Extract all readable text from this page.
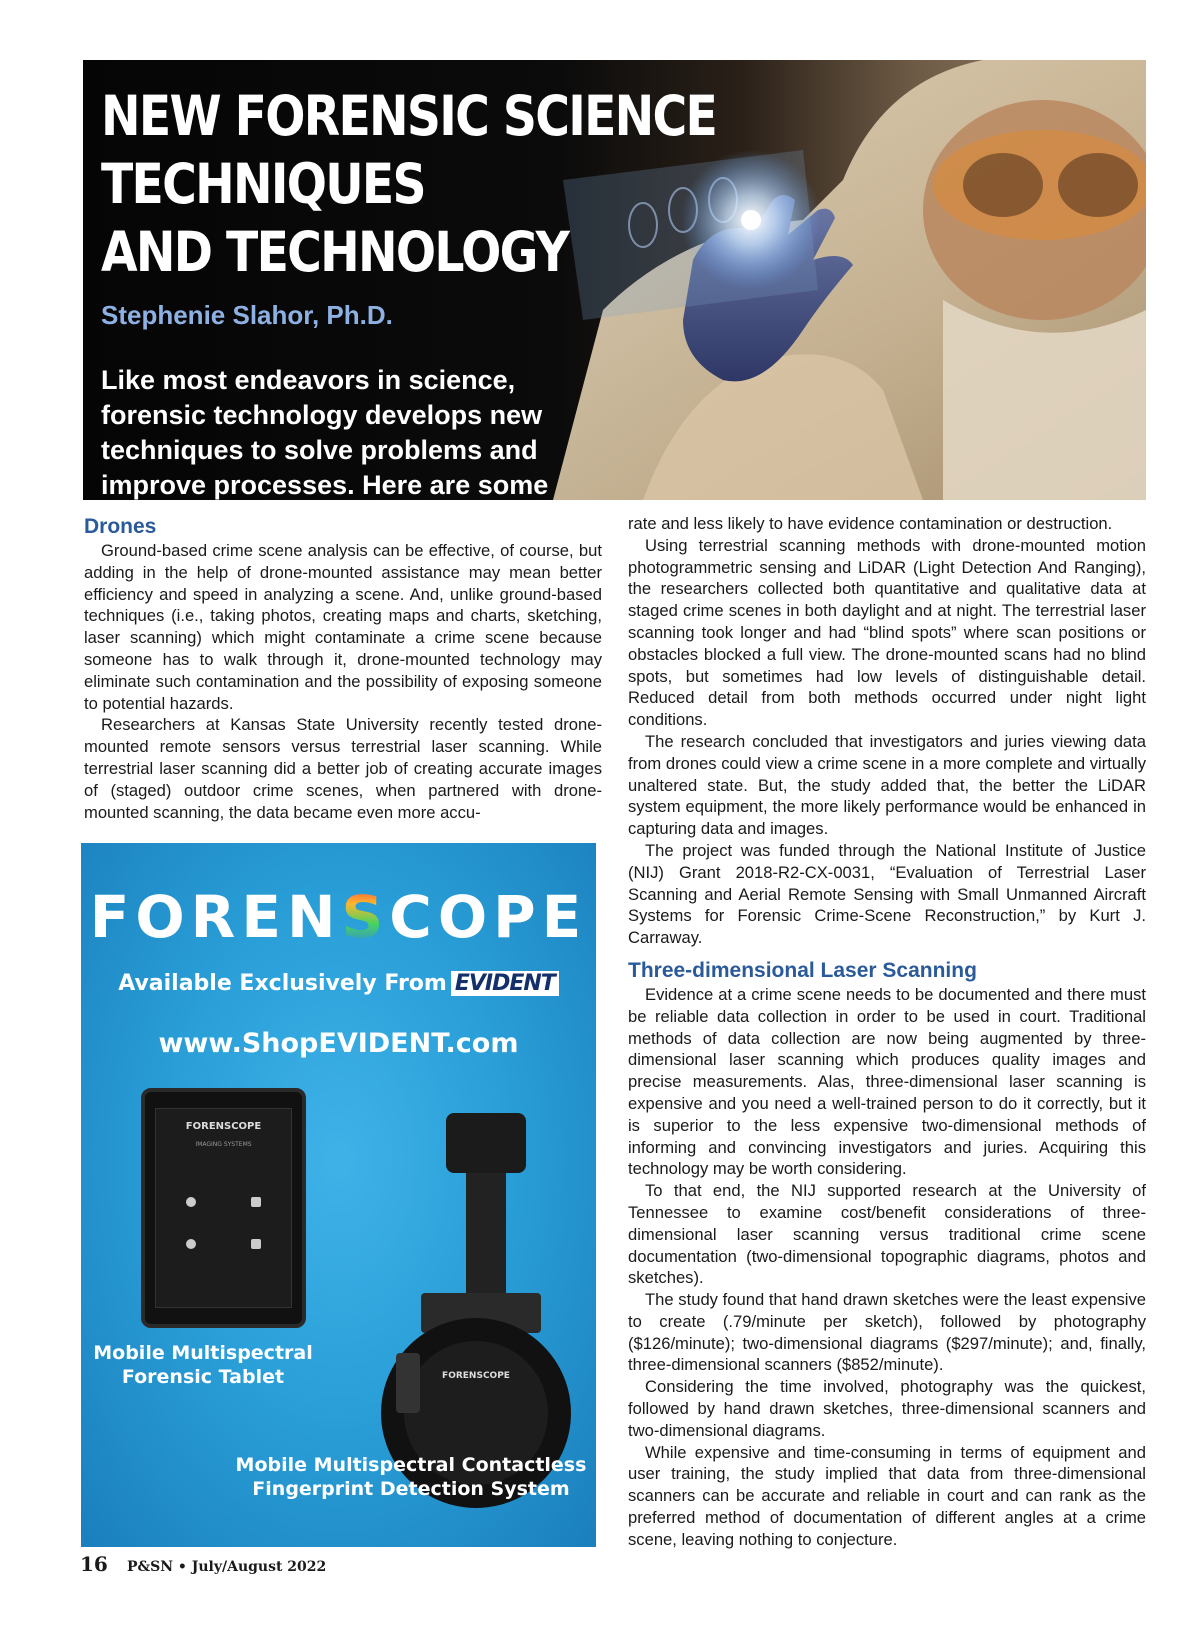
NEW FORENSIC SCIENCE TECHNIQUES
AND TECHNOLOGY
Stephenie Slahor, Ph.D.
Like most endeavors in science, forensic technology develops new techniques to solve problems and improve processes. Here are some

Drones

Ground-based crime scene analysis can be effective, of course, but adding in the help of drone-mounted assistance may mean better efficiency and speed in analyzing a scene. And, unlike ground-based techniques (i.e., taking photos, creating maps and charts, sketching, laser scanning) which might contaminate a crime scene because someone has to walk through it, drone-mounted technology may eliminate such contamination and the possibility of exposing someone to potential hazards.

Researchers at Kansas State University recently tested drone-mounted remote sensors versus terrestrial laser scanning. While terrestrial laser scanning did a better job of creating accurate images of (staged) outdoor crime scenes, when partnered with drone-mounted scanning, the data became even more accu-

FORENSCOPE
Available Exclusively From EVIDENT
www.ShopEVIDENT.com
FORENSCOPE
IMAGING SYSTEMS
FORENSCOPE
Mobile Multispectral
Forensic Tablet
Mobile Multispectral Contactless
Fingerprint Detection System

rate and less likely to have evidence contamination or destruction.

Using terrestrial scanning methods with drone-mounted motion photogrammetric sensing and LiDAR (Light Detection And Ranging), the researchers collected both quantitative and qualitative data at staged crime scenes in both daylight and at night. The terrestrial laser scanning took longer and had “blind spots” where scan positions or obstacles blocked a full view. The drone-mounted scans had no blind spots, but sometimes had low levels of distinguishable detail. Reduced detail from both methods occurred under night light conditions.

The research concluded that investigators and juries viewing data from drones could view a crime scene in a more complete and virtually unaltered state. But, the study added that, the better the LiDAR system equipment, the more likely performance would be enhanced in capturing data and images.

The project was funded through the National Institute of Justice (NIJ) Grant 2018-R2-CX-0031, “Evaluation of Terrestrial Laser Scanning and Aerial Remote Sensing with Small Unmanned Aircraft Systems for Forensic Crime-Scene Reconstruction,” by Kurt J. Carraway.

Three-dimensional Laser Scanning

Evidence at a crime scene needs to be documented and there must be reliable data collection in order to be used in court. Traditional methods of data collection are now being augmented by three-dimensional laser scanning which produces quality images and precise measurements. Alas, three-dimensional laser scanning is expensive and you need a well-trained person to do it correctly, but it is superior to the less expensive two-dimensional methods of informing and convincing investigators and juries. Acquiring this technology may be worth considering.

To that end, the NIJ supported research at the University of Tennessee to examine cost/benefit considerations of three-dimensional laser scanning versus traditional crime scene documentation (two-dimensional topographic diagrams, photos and sketches).

The study found that hand drawn sketches were the least expensive to create (.79/minute per sketch), followed by photography ($126/minute); two-dimensional diagrams ($297/minute); and, finally, three-dimensional scanners ($852/minute).

Considering the time involved, photography was the quickest, followed by hand drawn sketches, three-dimensional scanners and two-dimensional diagrams.

While expensive and time-consuming in terms of equipment and user training, the study implied that data from three-dimensional scanners can be accurate and reliable in court and can rank as the preferred method of documentation of different angles at a crime scene, leaving nothing to conjecture.

16 P&SN • July/August 2022
